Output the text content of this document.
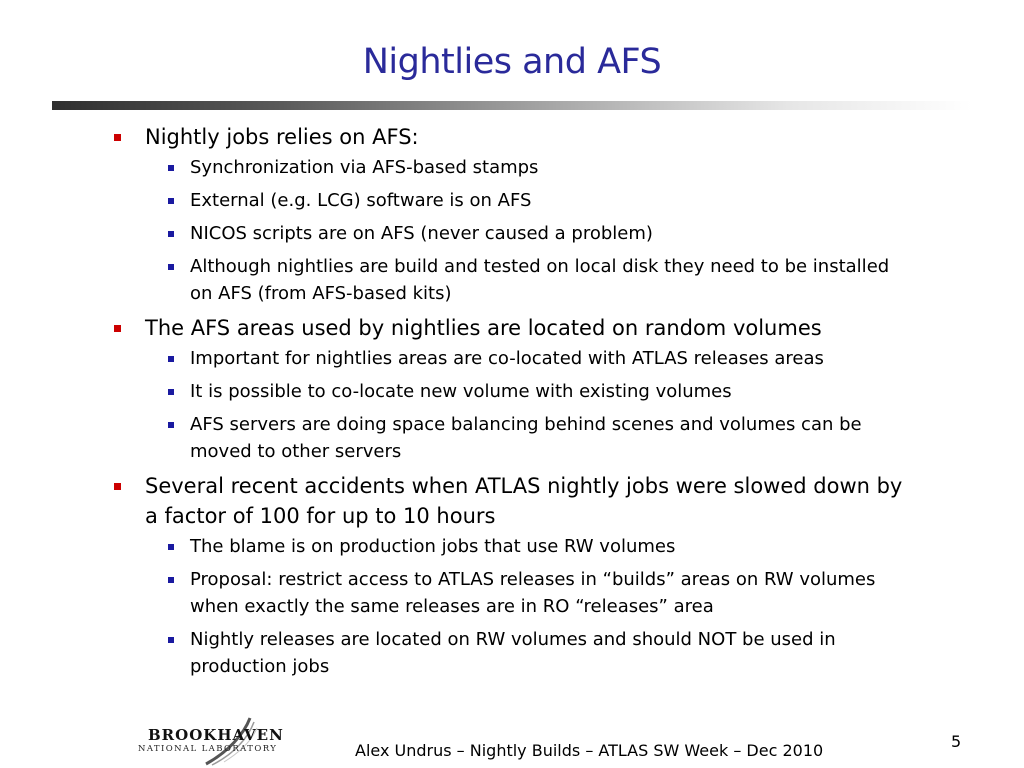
Nightlies and AFS
Nightly jobs relies on AFS:
Synchronization via AFS-based stamps
External (e.g. LCG) software is on AFS
NICOS scripts are on AFS (never caused a problem)
Although nightlies are build and tested on local disk they need to be installed on AFS (from AFS-based kits)
The AFS areas used by nightlies are located on random volumes
Important for nightlies areas are co-located with ATLAS releases areas
It is possible to co-locate new volume with existing volumes
AFS servers are doing space balancing behind scenes and volumes can be moved to other servers
Several recent accidents when ATLAS nightly jobs were slowed down by a factor of 100 for up to 10 hours
The blame is on production jobs that use RW volumes
Proposal: restrict access to ATLAS releases in “builds” areas on RW volumes when exactly the same releases are in RO “releases” area
Nightly releases are located on RW volumes and should NOT be used in production jobs
BROOKHAVEN
NATIONAL LABORATORY	Alex Undrus – Nightly Builds – ATLAS SW Week – Dec 2010	5
